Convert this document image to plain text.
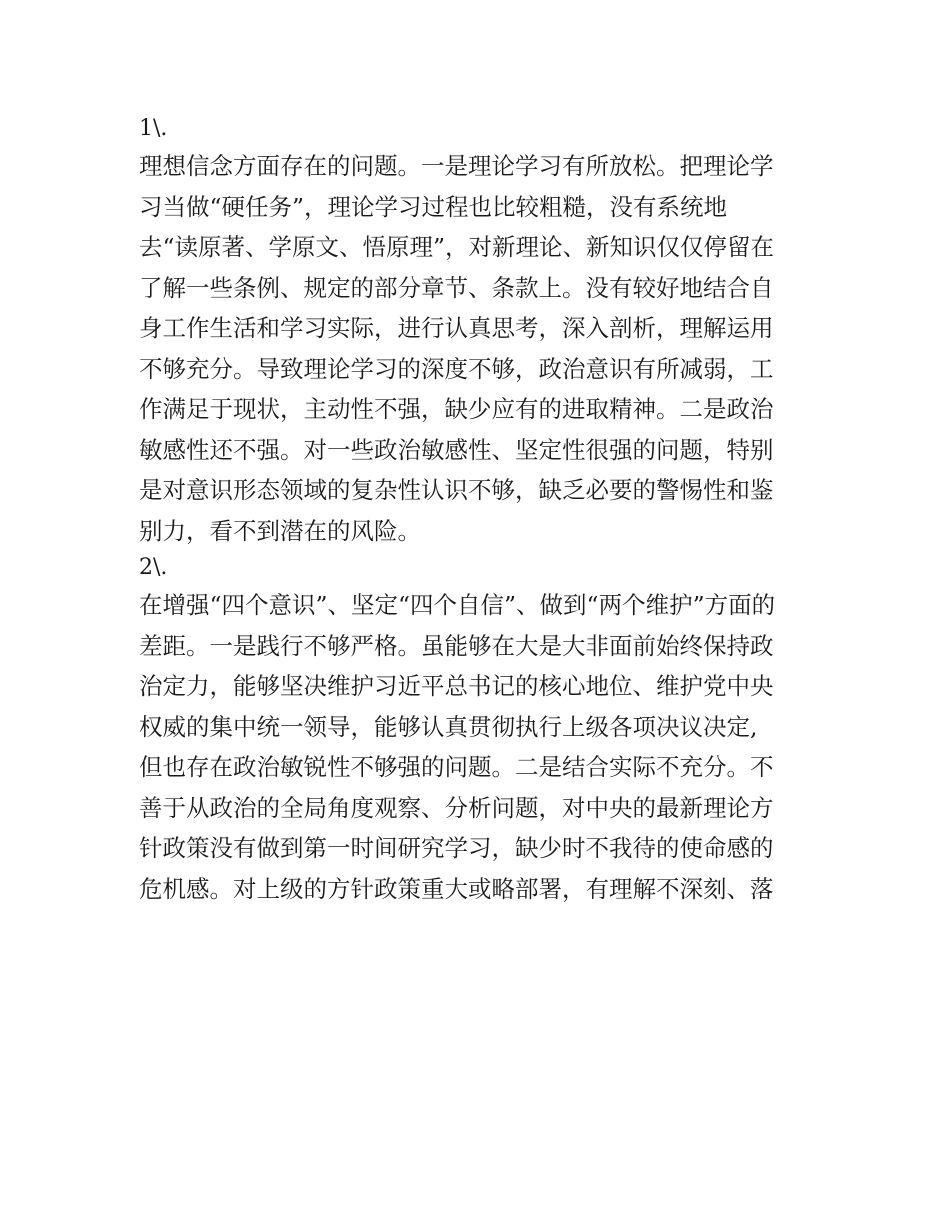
1\.
理想信念方面存在的问题。一是理论学习有所放松。把理论学
习当做“硬任务”，理论学习过程也比较粗糙，没有系统地
去“读原著、学原文、悟原理”，对新理论、新知识仅仅停留在
了解一些条例、规定的部分章节、条款上。没有较好地结合自
身工作生活和学习实际，进行认真思考，深入剖析，理解运用
不够充分。导致理论学习的深度不够，政治意识有所减弱，工
作满足于现状，主动性不强，缺少应有的进取精神。二是政治
敏感性还不强。对一些政治敏感性、坚定性很强的问题，特别
是对意识形态领域的复杂性认识不够，缺乏必要的警惕性和鉴
别力，看不到潜在的风险。
2\.
在增强“四个意识”、坚定“四个自信”、做到“两个维护”方面的
差距。一是践行不够严格。虽能够在大是大非面前始终保持政
治定力，能够坚决维护习近平总书记的核心地位、维护党中央
权威的集中统一领导，能够认真贯彻执行上级各项决议决定,
但也存在政治敏锐性不够强的问题。二是结合实际不充分。不
善于从政治的全局角度观察、分析问题，对中央的最新理论方
针政策没有做到第一时间研究学习，缺少时不我待的使命感的
危机感。对上级的方针政策重大或略部署，有理解不深刻、落
